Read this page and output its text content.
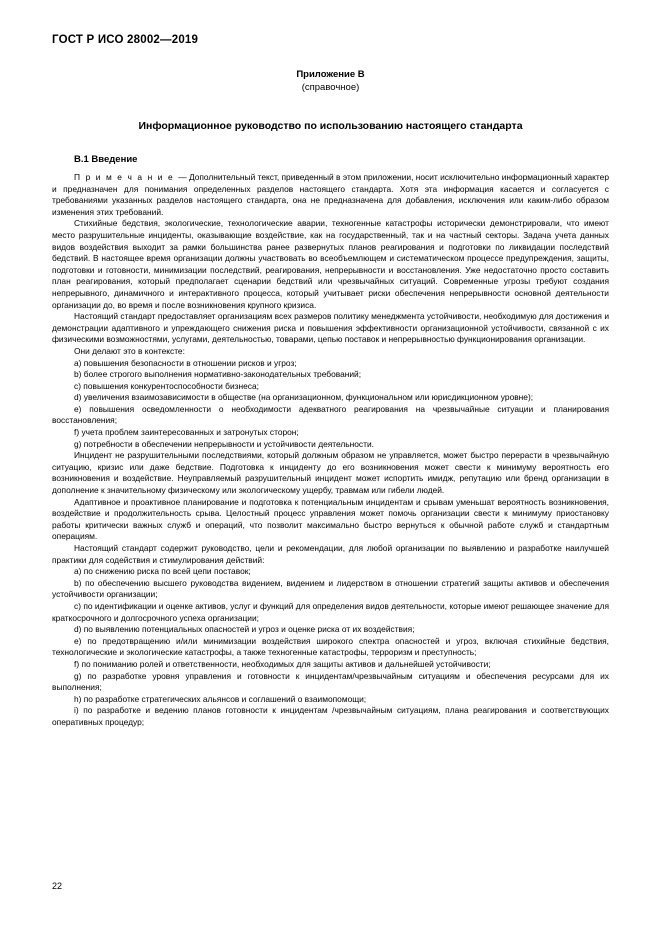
ГОСТ Р ИСО 28002—2019
Приложение В
(справочное)
Информационное руководство по использованию настоящего стандарта
В.1 Введение

П р и м е ч а н и е — Дополнительный текст, приведенный в этом приложении, носит исключительно информационный характер и предназначен для понимания определенных разделов настоящего стандарта. Хотя эта информация касается и согласуется с требованиями указанных разделов настоящего стандарта, она не предназначена для добавления, исключения или каким-либо образом изменения этих требований.

Стихийные бедствия, экологические, технологические аварии, техногенные катастрофы исторически демонстрировали, что имеют место разрушительные инциденты, оказывающие воздействие, как на государственный, так и на частный секторы. Задача учета данных видов воздействия выходит за рамки большинства ранее развернутых планов реагирования и подготовки по ликвидации последствий бедствий. В настоящее время организации должны участвовать во всеобъемлющем и систематическом процессе предупреждения, защиты, подготовки и готовности, минимизации последствий, реагирования, непрерывности и восстановления. Уже недостаточно просто составить план реагирования, который предполагает сценарии бедствий или чрезвычайных ситуаций. Современные угрозы требуют создания непрерывного, динамичного и интерактивного процесса, который учитывает риски обеспечения непрерывности основной деятельности организации до, во время и после возникновения крупного кризиса.

Настоящий стандарт предоставляет организациям всех размеров политику менеджмента устойчивости, необходимую для достижения и демонстрации адаптивного и упреждающего снижения риска и повышения эффективности организационной устойчивости, связанной с их физическими возможностями, услугами, деятельностью, товарами, цепью поставок и непрерывностью функционирования организации.

Они делают это в контексте:

a) повышения безопасности в отношении рисков и угроз;

b) более строгого выполнения нормативно-законодательных требований;

c) повышения конкурентоспособности бизнеса;

d) увеличения взаимозависимости в обществе (на организационном, функциональном или юрисдикционном уровне);

e) повышения осведомленности о необходимости адекватного реагирования на чрезвычайные ситуации и планирования восстановления;

f) учета проблем заинтересованных и затронутых сторон;

g) потребности в обеспечении непрерывности и устойчивости деятельности.

Инцидент не разрушительными последствиями, который должным образом не управляется, может быстро перерасти в чрезвычайную ситуацию, кризис или даже бедствие. Подготовка к инциденту до его возникновения может свести к минимуму вероятность его возникновения и воздействие. Неуправляемый разрушительный инцидент может испортить имидж, репутацию или бренд организации в дополнение к значительному физическому или экологическому ущербу, травмам или гибели людей.

Адаптивное и проактивное планирование и подготовка к потенциальным инцидентам и срывам уменьшат вероятность возникновения, воздействие и продолжительность срыва. Целостный процесс управления может помочь организации свести к минимуму приостановку работы критически важных служб и операций, что позволит максимально быстро вернуться к обычной работе служб и стандартным операциям.

Настоящий стандарт содержит руководство, цели и рекомендации, для любой организации по выявлению и разработке наилучшей практики для содействия и стимулирования действий:

a) по снижению риска по всей цепи поставок;

b) по обеспечению высшего руководства видением, видением и лидерством в отношении стратегий защиты активов и обеспечения устойчивости организации;

c) по идентификации и оценке активов, услуг и функций для определения видов деятельности, которые имеют решающее значение для краткосрочного и долгосрочного успеха организации;

d) по выявлению потенциальных опасностей и угроз и оценке риска от их воздействия;

e) по предотвращению и/или минимизации воздействия широкого спектра опасностей и угроз, включая стихийные бедствия, технологические и экологические катастрофы, а также техногенные катастрофы, терроризм и преступность;

f) по пониманию ролей и ответственности, необходимых для защиты активов и дальнейшей устойчивости;

g) по разработке уровня управления и готовности к инцидентам/чрезвычайным ситуациям и обеспечения ресурсами для их выполнения;

h) по разработке стратегических альянсов и соглашений о взаимопомощи;

i) по разработке и ведению планов готовности к инцидентам /чрезвычайным ситуациям, плана реагирования и соответствующих оперативных процедур;

22
